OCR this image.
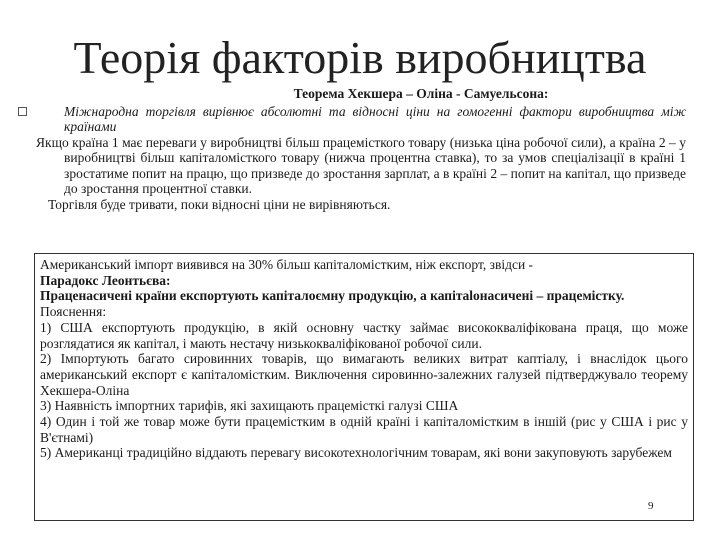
Теорія факторів виробництва
Теорема Хекшера – Оліна - Самуельсона:
Міжнародна торгівля вирівнює абсолютні та відносні ціни на гомогенні фактори виробництва між країнами
Якщо країна 1 має переваги у виробництві більш працемісткого товару (низька ціна робочої сили), а країна 2 – у виробництві більш капіталомісткого товару (нижча процентна ставка), то за умов спеціалізації в країні 1 зростатиме попит на працю, що призведе до зростання зарплат, а в країні 2 – попит на капітал, що призведе до зростання процентної ставки.
Торгівля буде тривати, поки відносні ціни не вирівняються.

Американський імпорт виявився на 30% більш капіталомістким, ніж експорт, звідси -

Парадокс Леонтьєва:

Праценасичені країни експортують капіталоємну продукцію, а капітalонасичені – працемістку.

Пояснення:

1) США експортують продукцію, в якій основну частку займає висококваліфікована праця, що може розглядатися як капітал, і мають нестачу низькокваліфікованої робочої сили.

2) Імпортують багато сировинних товарів, що вимагають великих витрат каптіалу, і внаслідок цього американський експорт є капіталомістким. Виключення сировинно-залежних галузей підтверджувало теорему Хекшера-Оліна

3) Наявність імпортних тарифів, які захищають працемісткі галузі США

4) Один і той же товар може бути працемістким в одній країні і капіталомістким в іншій (рис у США і рис у В'єтнамі)

5) Американці традиційно віддають перевагу високотехнологічним товарам, які вони закуповують зарубежем

9
